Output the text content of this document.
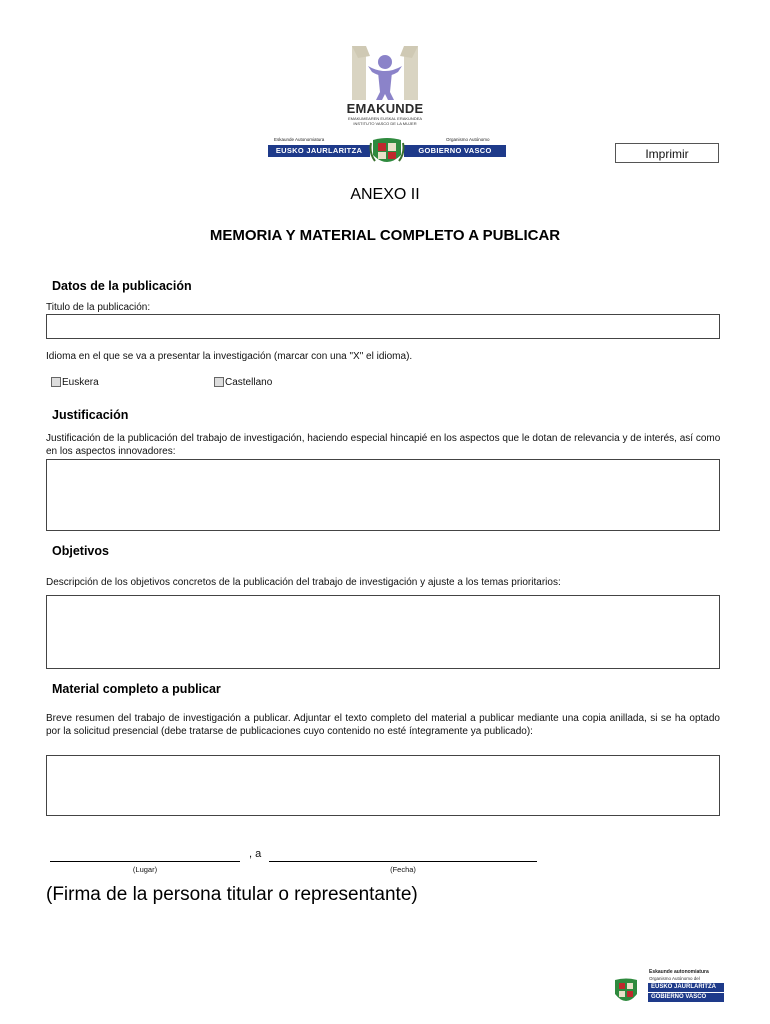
EMAKUNDE
EMAKUMEAREN EUSKAL ERAKUNDEA
INSTITUTO VASCO DE LA MUJER
Eskaunde Autonomiatura	Organismo Autónomo
EUSKO JAURLARITZA	GOBIERNO VASCO	Imprimir
ANEXO II
MEMORIA Y MATERIAL COMPLETO A PUBLICAR
Datos de la publicación
Titulo de la publicación:
Idioma en el que se va a presentar la investigación (marcar con una "X" el idioma).
Euskera	Castellano
Justificación
Justificación de la publicación del trabajo de investigación, haciendo especial hincapié en los aspectos que le dotan de relevancia y de interés, así como en los aspectos innovadores:
Objetivos
Descripción de los objetivos concretos de la publicación del trabajo de investigación y ajuste a los temas prioritarios:
Material completo a publicar
Breve resumen del trabajo de investigación a publicar. Adjuntar el texto completo del material a publicar mediante una copia anillada, si se ha optado por la solicitud presencial (debe tratarse de publicaciones cuyo contenido no esté íntegramente ya publicado):
, a
(Lugar)	(Fecha)
(Firma de la persona titular o representante)
Eskaunde autonomiatura
Organismo Autónomo del
EUSKO JAURLARITZA
GOBIERNO VASCO
